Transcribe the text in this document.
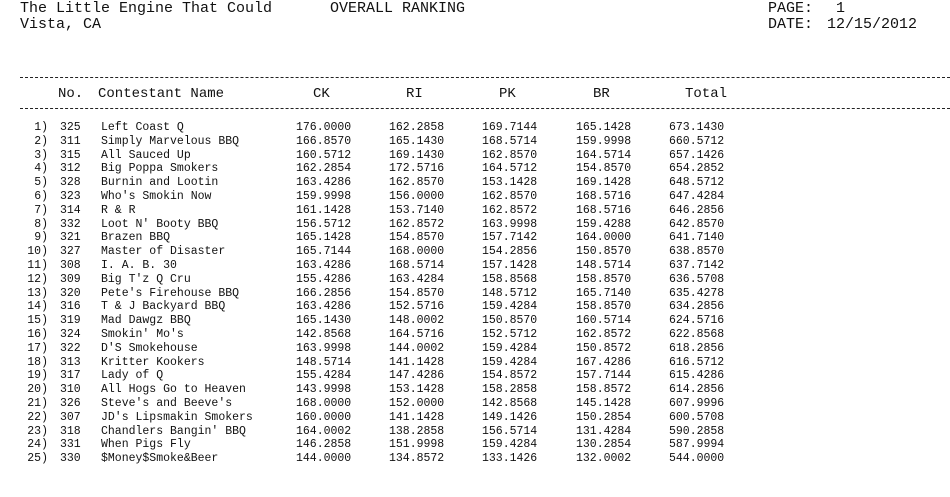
The Little Engine That Could	OVERALL RANKING
Vista, CA
PAGE: 1
DATE: 12/15/2012
No. Contestant Name	CK	RI	PK	BR	Total
1) 325 Left Coast Q	176.0000	162.2858	169.7144	165.1428	673.1430
2) 311 Simply Marvelous BBQ	166.8570	165.1430	168.5714	159.9998	660.5712
3) 315 All Sauced Up	160.5712	169.1430	162.8570	164.5714	657.1426
4) 312 Big Poppa Smokers	162.2854	172.5716	164.5712	154.8570	654.2852
5) 328 Burnin and Lootin	163.4286	162.8570	153.1428	169.1428	648.5712
6) 323 Who's Smokin Now	159.9998	156.0000	162.8570	168.5716	647.4284
7) 314 R & R	161.1428	153.7140	162.8572	168.5716	646.2856
8) 332 Loot N' Booty BBQ	156.5712	162.8572	163.9998	159.4288	642.8570
9) 321 Brazen BBQ	165.1428	154.8570	157.7142	164.0000	641.7140
10) 327 Master of Disaster	165.7144	168.0000	154.2856	150.8570	638.8570
11) 308 I. A. B. 30	163.4286	168.5714	157.1428	148.5714	637.7142
12) 309 Big T'z Q Cru	155.4286	163.4284	158.8568	158.8570	636.5708
13) 320 Pete's Firehouse BBQ	166.2856	154.8570	148.5712	165.7140	635.4278
14) 316 T & J Backyard BBQ	163.4286	152.5716	159.4284	158.8570	634.2856
15) 319 Mad Dawgz BBQ	165.1430	148.0002	150.8570	160.5714	624.5716
16) 324 Smokin' Mo's	142.8568	164.5716	152.5712	162.8572	622.8568
17) 322 D'S Smokehouse	163.9998	144.0002	159.4284	150.8572	618.2856
18) 313 Kritter Kookers	148.5714	141.1428	159.4284	167.4286	616.5712
19) 317 Lady of Q	155.4284	147.4286	154.8572	157.7144	615.4286
20) 310 All Hogs Go to Heaven	143.9998	153.1428	158.2858	158.8572	614.2856
21) 326 Steve's and Beeve's	168.0000	152.0000	142.8568	145.1428	607.9996
22) 307 JD's Lipsmakin Smokers	160.0000	141.1428	149.1426	150.2854	600.5708
23) 318 Chandlers Bangin' BBQ	164.0002	138.2858	156.5714	131.4284	590.2858
24) 331 When Pigs Fly	146.2858	151.9998	159.4284	130.2854	587.9994
25) 330 $Money$Smoke&Beer	144.0000	134.8572	133.1426	132.0002	544.0000
